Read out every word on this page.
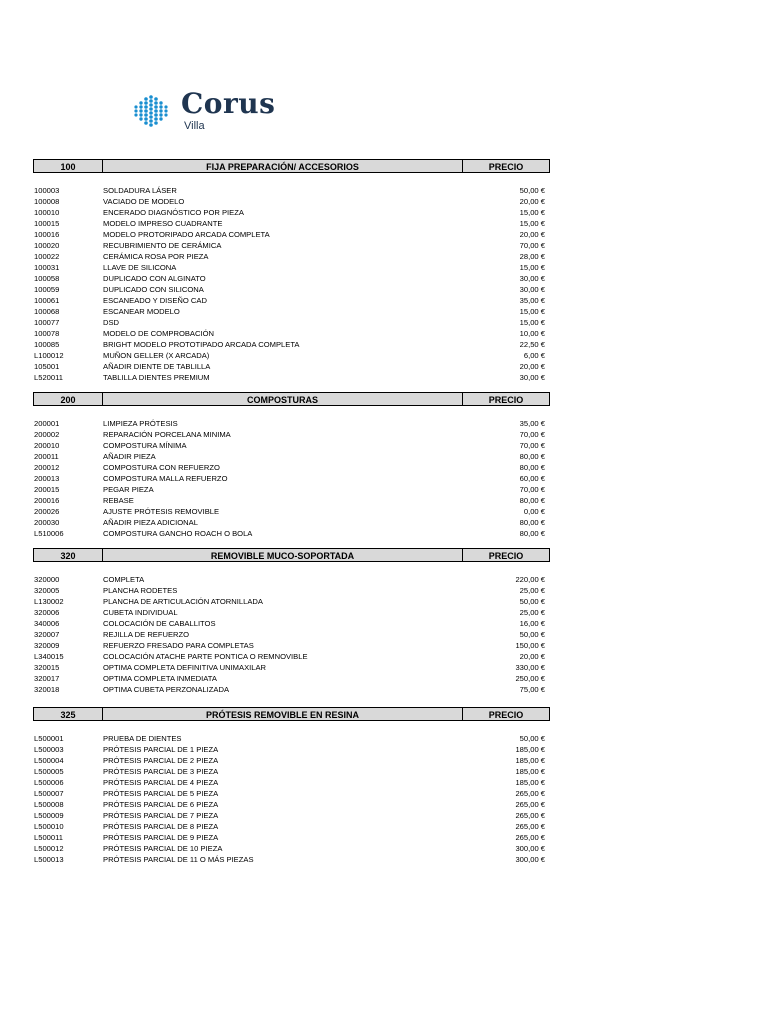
Corus
Villa
100	FIJA PREPARACIÓN/ ACCESORIOS	PRECIO
100003	SOLDADURA LÁSER	50,00 €
100008	VACIADO DE MODELO	20,00 €
100010	ENCERADO DIAGNÓSTICO POR PIEZA	15,00 €
100015	MODELO IMPRESO CUADRANTE	15,00 €
100016	MODELO PROTORIPADO ARCADA COMPLETA	20,00 €
100020	RECUBRIMIENTO DE CERÁMICA	70,00 €
100022	CERÁMICA ROSA POR PIEZA	28,00 €
100031	LLAVE DE SILICONA	15,00 €
100058	DUPLICADO CON ALGINATO	30,00 €
100059	DUPLICADO CON SILICONA	30,00 €
100061	ESCANEADO Y DISEÑO CAD	35,00 €
100068	ESCANEAR MODELO	15,00 €
100077	DSD	15,00 €
100078	MODELO DE COMPROBACIÓN	10,00 €
100085	BRIGHT MODELO PROTOTIPADO ARCADA COMPLETA	22,50 €
L100012	MUÑON GELLER (X ARCADA)	6,00 €
105001	AÑADIR DIENTE DE TABLILLA	20,00 €
L520011	TABLILLA DIENTES PREMIUM	30,00 €
200	COMPOSTURAS	PRECIO
200001	LIMPIEZA PRÓTESIS	35,00 €
200002	REPARACIÓN PORCELANA MINIMA	70,00 €
200010	COMPOSTURA MÍNIMA	70,00 €
200011	AÑADIR PIEZA	80,00 €
200012	COMPOSTURA CON REFUERZO	80,00 €
200013	COMPOSTURA MALLA REFUERZO	60,00 €
200015	PEGAR PIEZA	70,00 €
200016	REBASE	80,00 €
200026	AJUSTE PRÓTESIS REMOVIBLE	0,00 €
200030	AÑADIR PIEZA ADICIONAL	80,00 €
L510006	COMPOSTURA GANCHO ROACH O BOLA	80,00 €
320	REMOVIBLE MUCO-SOPORTADA	PRECIO
320000	COMPLETA	220,00 €
320005	PLANCHA RODETES	25,00 €
L130002	PLANCHA DE ARTICULACIÓN ATORNILLADA	50,00 €
320006	CUBETA INDIVIDUAL	25,00 €
340006	COLOCACIÓN DE CABALLITOS	16,00 €
320007	REJILLA DE REFUERZO	50,00 €
320009	REFUERZO FRESADO PARA COMPLETAS	150,00 €
L340015	COLOCACIÓN ATACHE PARTE PONTICA O REMNOVIBLE	20,00 €
320015	OPTIMA COMPLETA DEFINITIVA UNIMAXILAR	330,00 €
320017	OPTIMA COMPLETA INMEDIATA	250,00 €
320018	OPTIMA CUBETA PERZONALIZADA	75,00 €
325	PRÓTESIS REMOVIBLE EN RESINA	PRECIO
L500001	PRUEBA DE DIENTES	50,00 €
L500003	PRÓTESIS PARCIAL DE 1 PIEZA	185,00 €
L500004	PRÓTESIS PARCIAL DE 2 PIEZA	185,00 €
L500005	PRÓTESIS PARCIAL DE 3 PIEZA	185,00 €
L500006	PRÓTESIS PARCIAL DE 4 PIEZA	185,00 €
L500007	PRÓTESIS PARCIAL DE 5 PIEZA	265,00 €
L500008	PRÓTESIS PARCIAL DE 6 PIEZA	265,00 €
L500009	PRÓTESIS PARCIAL DE 7 PIEZA	265,00 €
L500010	PRÓTESIS PARCIAL DE 8 PIEZA	265,00 €
L500011	PRÓTESIS PARCIAL DE 9 PIEZA	265,00 €
L500012	PRÓTESIS PARCIAL DE 10 PIEZA	300,00 €
L500013	PRÓTESIS PARCIAL DE 11 O MÁS PIEZAS	300,00 €
